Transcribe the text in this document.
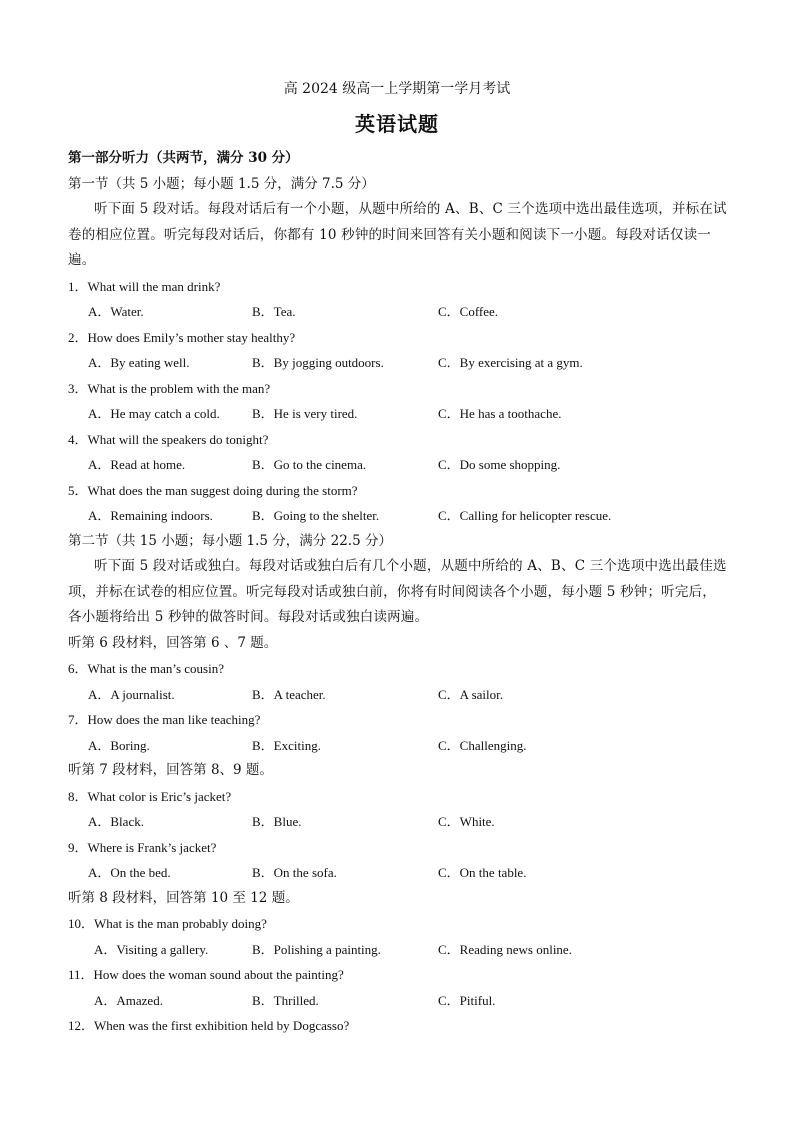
高 2024 级高一上学期第一学月考试
英语试题
第一部分听力（共两节，满分 30 分）
第一节（共 5 小题；每小题 1.5 分，满分 7.5 分）
听下面 5 段对话。每段对话后有一个小题，从题中所给的 A、B、C 三个选项中选出最佳选项，并标在试卷的相应位置。听完每段对话后，你都有 10 秒钟的时间来回答有关小题和阅读下一小题。每段对话仅读一遍。
1．What will the man drink?
A．Water.	B．Tea.	C．Coffee.
2．How does Emily’s mother stay healthy?
A．By eating well.	B．By jogging outdoors.	C．By exercising at a gym.
3．What is the problem with the man?
A．He may catch a cold. B．He is very tired.	C．He has a toothache.
4．What will the speakers do tonight?
A．Read at home.	B．Go to the cinema.	C．Do some shopping.
5．What does the man suggest doing during the storm?
A．Remaining indoors.	B．Going to the shelter.	C．Calling for helicopter rescue.
第二节（共 15 小题；每小题 1.5 分，满分 22.5 分）
听下面 5 段对话或独白。每段对话或独白后有几个小题，从题中所给的 A、B、C 三个选项中选出最佳选项，并标在试卷的相应位置。听完每段对话或独白前，你将有时间阅读各个小题，每小题 5 秒钟；听完后，各小题将给出 5 秒钟的做答时间。每段对话或独白读两遍。
听第 6 段材料，回答第 6 、7 题。
6．What is the man’s cousin?
A．A journalist.	B．A teacher.	C．A sailor.
7．How does the man like teaching?
A．Boring.	B．Exciting.	C．Challenging.
听第 7 段材料，回答第 8、9 题。
8．What color is Eric’s jacket?
A．Black.	B．Blue.	C．White.
9．Where is Frank’s jacket?
A．On the bed.	B．On the sofa.	C．On the table.
听第 8 段材料，回答第 10 至 12 题。
10．What is the man probably doing?
A．Visiting a gallery.	B．Polishing a painting.	C．Reading news online.
11．How does the woman sound about the painting?
A．Amazed.	B．Thrilled.	C．Pitiful.
12．When was the first exhibition held by Dogcasso?
